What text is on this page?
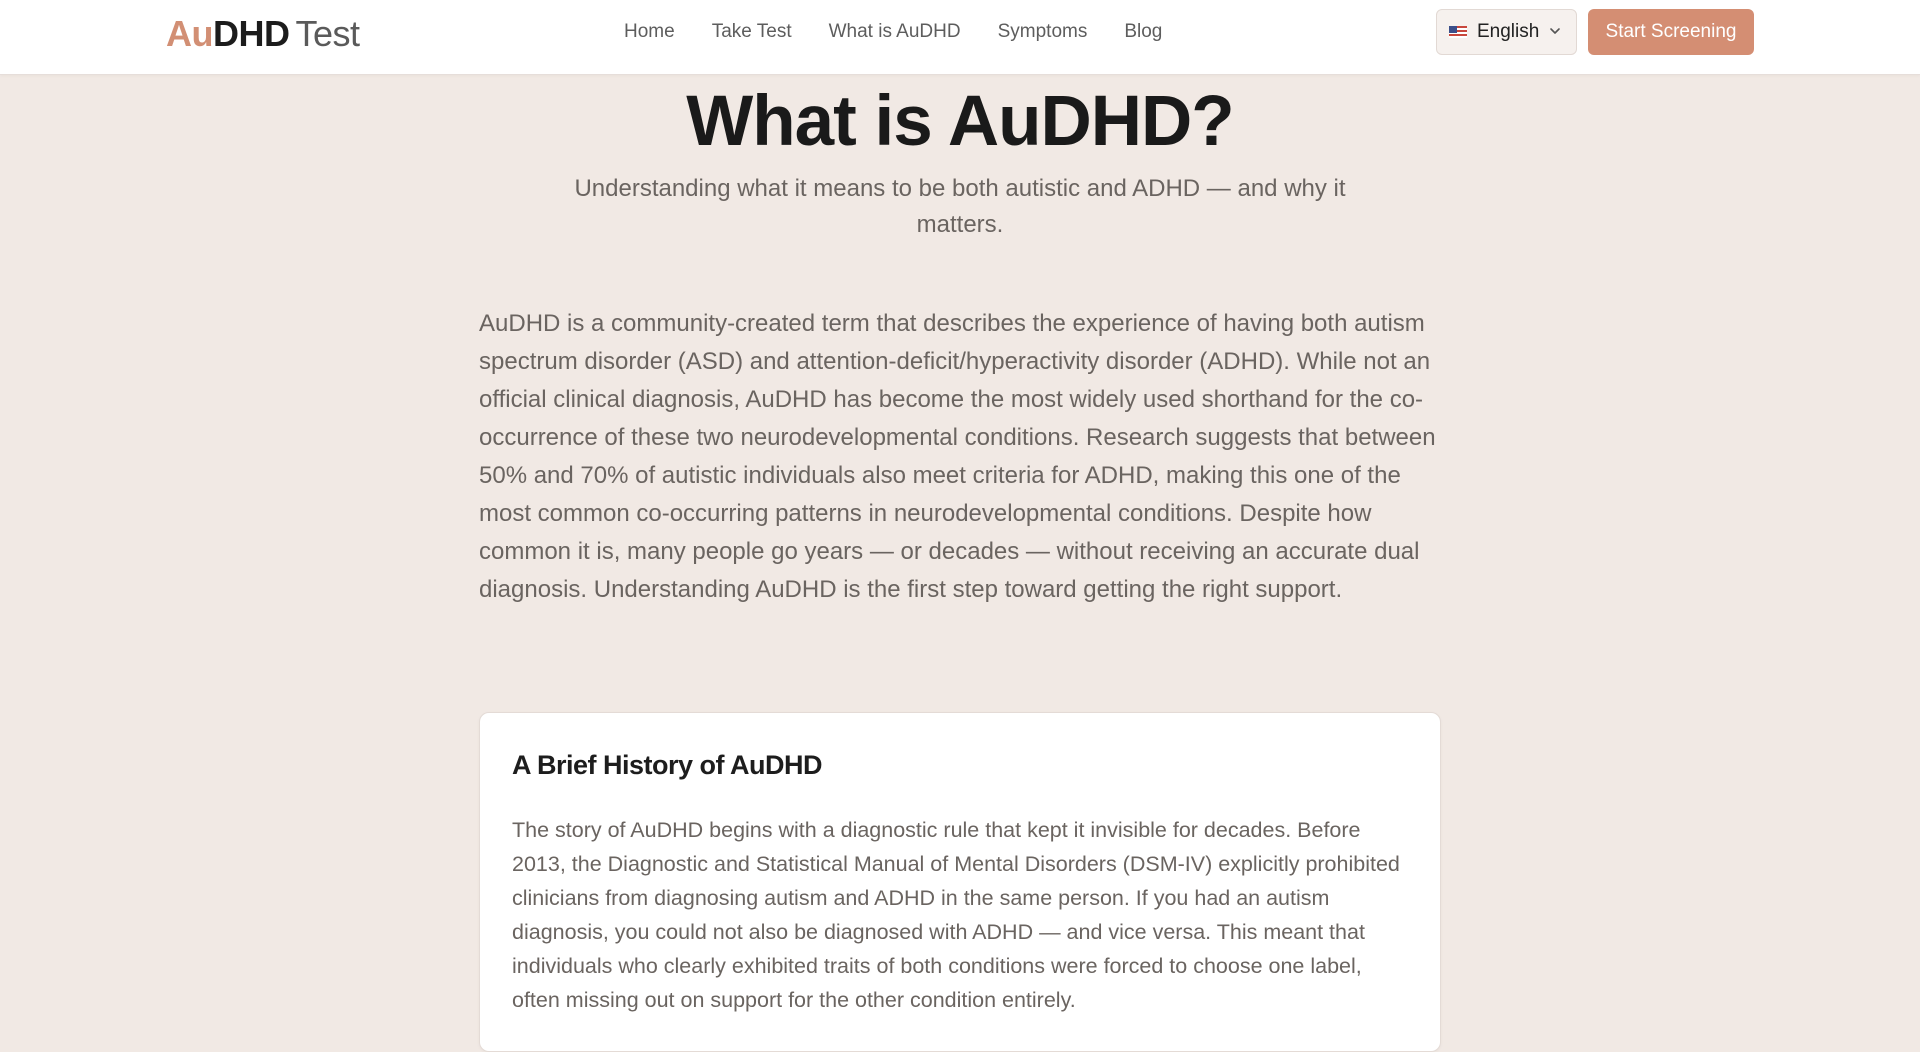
AuDHD Test	Home Take Test What is AuDHD Symptoms Blog	English	Start Screening
What is AuDHD?

Understanding what it means to be both autistic and ADHD — and why it matters.

AuDHD is a community-created term that describes the experience of having both autism spectrum disorder (ASD) and attention-deficit/hyperactivity disorder (ADHD). While not an official clinical diagnosis, AuDHD has become the most widely used shorthand for the co-occurrence of these two neurodevelopmental conditions. Research suggests that between 50% and 70% of autistic individuals also meet criteria for ADHD, making this one of the most common co-occurring patterns in neurodevelopmental conditions. Despite how common it is, many people go years — or decades — without receiving an accurate dual diagnosis. Understanding AuDHD is the first step toward getting the right support.

A Brief History of AuDHD

The story of AuDHD begins with a diagnostic rule that kept it invisible for decades. Before 2013, the Diagnostic and Statistical Manual of Mental Disorders (DSM-IV) explicitly prohibited clinicians from diagnosing autism and ADHD in the same person. If you had an autism diagnosis, you could not also be diagnosed with ADHD — and vice versa. This meant that individuals who clearly exhibited traits of both conditions were forced to choose one label, often missing out on support for the other condition entirely.
